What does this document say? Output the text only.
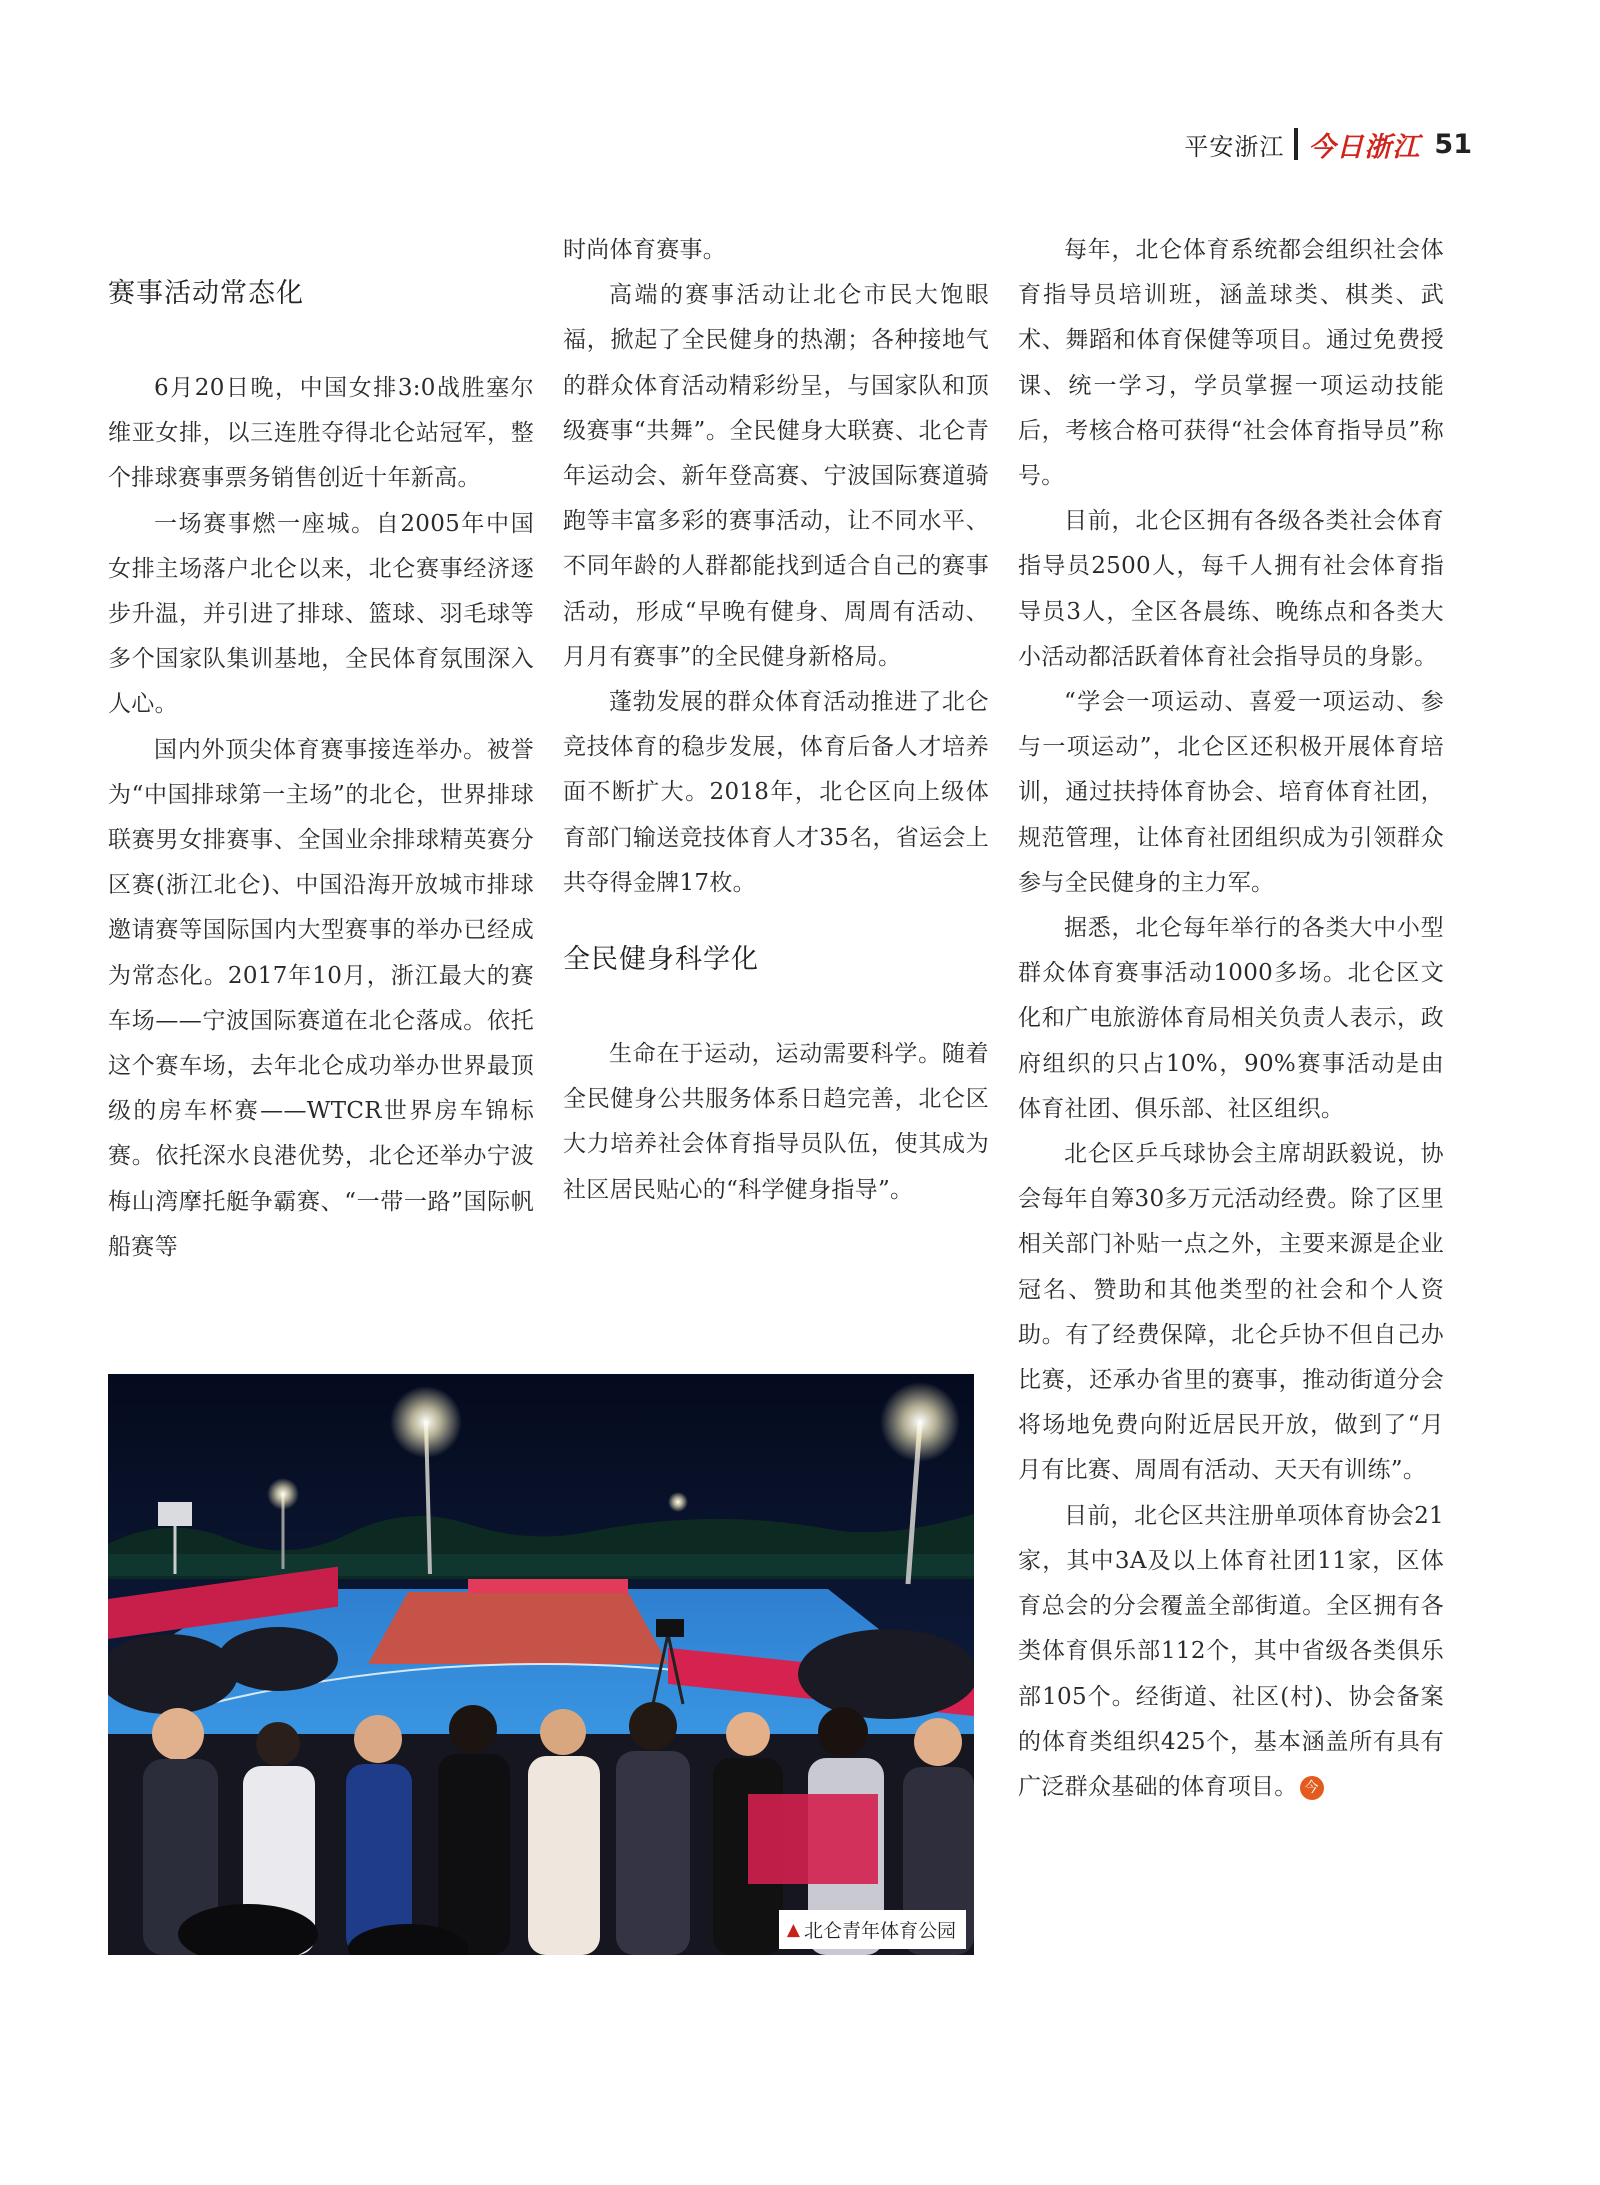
平安浙江 今日浙江 51
赛事活动常态化

6月20日晚，中国女排3:0战胜塞尔维亚女排，以三连胜夺得北仑站冠军，整个排球赛事票务销售创近十年新高。

一场赛事燃一座城。自2005年中国女排主场落户北仑以来，北仑赛事经济逐步升温，并引进了排球、篮球、羽毛球等多个国家队集训基地，全民体育氛围深入人心。

国内外顶尖体育赛事接连举办。被誉为“中国排球第一主场”的北仑，世界排球联赛男女排赛事、全国业余排球精英赛分区赛(浙江北仑)、中国沿海开放城市排球邀请赛等国际国内大型赛事的举办已经成为常态化。2017年10月，浙江最大的赛车场——宁波国际赛道在北仑落成。依托这个赛车场，去年北仑成功举办世界最顶级的房车杯赛——WTCR世界房车锦标赛。依托深水良港优势，北仑还举办宁波梅山湾摩托艇争霸赛、“一带一路”国际帆船赛等

时尚体育赛事。

高端的赛事活动让北仑市民大饱眼福，掀起了全民健身的热潮；各种接地气的群众体育活动精彩纷呈，与国家队和顶级赛事“共舞”。全民健身大联赛、北仑青年运动会、新年登高赛、宁波国际赛道骑跑等丰富多彩的赛事活动，让不同水平、不同年龄的人群都能找到适合自己的赛事活动，形成“早晚有健身、周周有活动、月月有赛事”的全民健身新格局。

蓬勃发展的群众体育活动推进了北仑竞技体育的稳步发展，体育后备人才培养面不断扩大。2018年，北仑区向上级体育部门输送竞技体育人才35名，省运会上共夺得金牌17枚。

全民健身科学化

生命在于运动，运动需要科学。随着全民健身公共服务体系日趋完善，北仑区大力培养社会体育指导员队伍，使其成为社区居民贴心的“科学健身指导”。

每年，北仑体育系统都会组织社会体育指导员培训班，涵盖球类、棋类、武术、舞蹈和体育保健等项目。通过免费授课、统一学习，学员掌握一项运动技能后，考核合格可获得“社会体育指导员”称号。

目前，北仑区拥有各级各类社会体育指导员2500人，每千人拥有社会体育指导员3人，全区各晨练、晚练点和各类大小活动都活跃着体育社会指导员的身影。

“学会一项运动、喜爱一项运动、参与一项运动”，北仑区还积极开展体育培训，通过扶持体育协会、培育体育社团，规范管理，让体育社团组织成为引领群众参与全民健身的主力军。

据悉，北仑每年举行的各类大中小型群众体育赛事活动1000多场。北仑区文化和广电旅游体育局相关负责人表示，政府组织的只占10%，90%赛事活动是由体育社团、俱乐部、社区组织。

北仑区乒乓球协会主席胡跃毅说，协会每年自筹30多万元活动经费。除了区里相关部门补贴一点之外，主要来源是企业冠名、赞助和其他类型的社会和个人资助。有了经费保障，北仑乒协不但自己办比赛，还承办省里的赛事，推动街道分会将场地免费向附近居民开放，做到了“月月有比赛、周周有活动、天天有训练”。

目前，北仑区共注册单项体育协会21家，其中3A及以上体育社团11家，区体育总会的分会覆盖全部街道。全区拥有各类体育俱乐部112个，其中省级各类俱乐部105个。经街道、社区(村)、协会备案的体育类组织425个，基本涵盖所有具有广泛群众基础的体育项目。 今

▲ 北仑青年体育公园
